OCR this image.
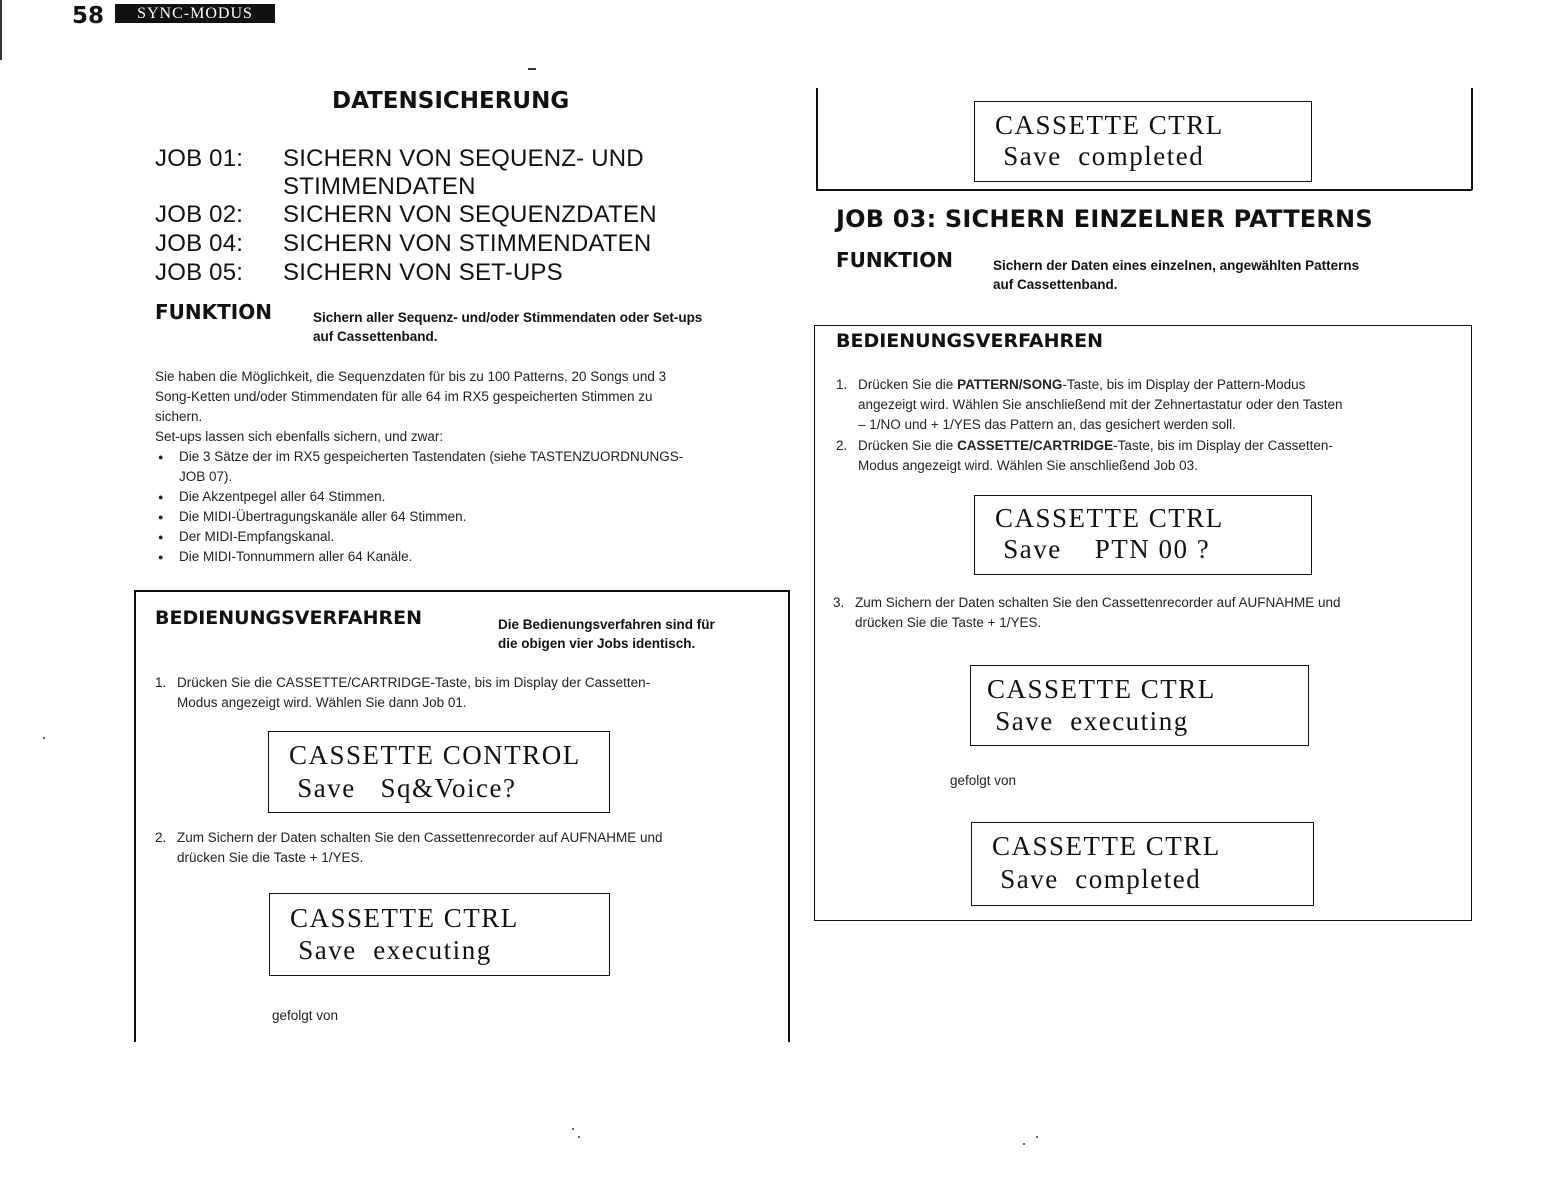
58	SYNC-MODUS
DATENSICHERUNG
JOB 01: SICHERN VON SEQUENZ- UND
STIMMENDATEN
JOB 02: SICHERN VON SEQUENZDATEN
JOB 04: SICHERN VON STIMMENDATEN
JOB 05: SICHERN VON SET-UPS
FUNKTION	Sichern aller Sequenz- und/oder Stimmendaten oder Set-ups
auf Cassettenband.
Sie haben die Möglichkeit, die Sequenzdaten für bis zu 100 Patterns, 20 Songs und 3
Song-Ketten und/oder Stimmendaten für alle 64 im RX5 gespeicherten Stimmen zu
sichern.
Set-ups lassen sich ebenfalls sichern, und zwar:
● Die 3 Sätze der im RX5 gespeicherten Tastendaten (siehe TASTENZUORDNUNGS-
JOB 07).
● Die Akzentpegel aller 64 Stimmen.
● Die MIDI-Übertragungskanäle aller 64 Stimmen.
● Der MIDI-Empfangskanal.
● Die MIDI-Tonnummern aller 64 Kanäle.
BEDIENUNGSVERFAHREN	Die Bedienungsverfahren sind für
die obigen vier Jobs identisch.
1. Drücken Sie die CASSETTE/CARTRIDGE-Taste, bis im Display der Cassetten-
Modus angezeigt wird. Wählen Sie dann Job 01.

CASSETTE CONTROL

Save   Sq&Voice?

2. Zum Sichern der Daten schalten Sie den Cassettenrecorder auf AUFNAHME und
drücken Sie die Taste + 1/YES.

CASSETTE CTRL

Save  executing

gefolgt von

CASSETTE CTRL

Save  completed

JOB 03: SICHERN EINZELNER PATTERNS
FUNKTION	Sichern der Daten eines einzelnen, angewählten Patterns
auf Cassettenband.
BEDIENUNGSVERFAHREN
1. Drücken Sie die PATTERN/SONG-Taste, bis im Display der Pattern-Modus
angezeigt wird. Wählen Sie anschließend mit der Zehnertastatur oder den Tasten
– 1/NO und + 1/YES das Pattern an, das gesichert werden soll.
2. Drücken Sie die CASSETTE/CARTRIDGE-Taste, bis im Display der Cassetten-
Modus angezeigt wird. Wählen Sie anschließend Job 03.

CASSETTE CTRL

Save    PTN 00 ?

3. Zum Sichern der Daten schalten Sie den Cassettenrecorder auf AUFNAHME und
drücken Sie die Taste + 1/YES.

CASSETTE CTRL

Save  executing

gefolgt von

CASSETTE CTRL

Save  completed
